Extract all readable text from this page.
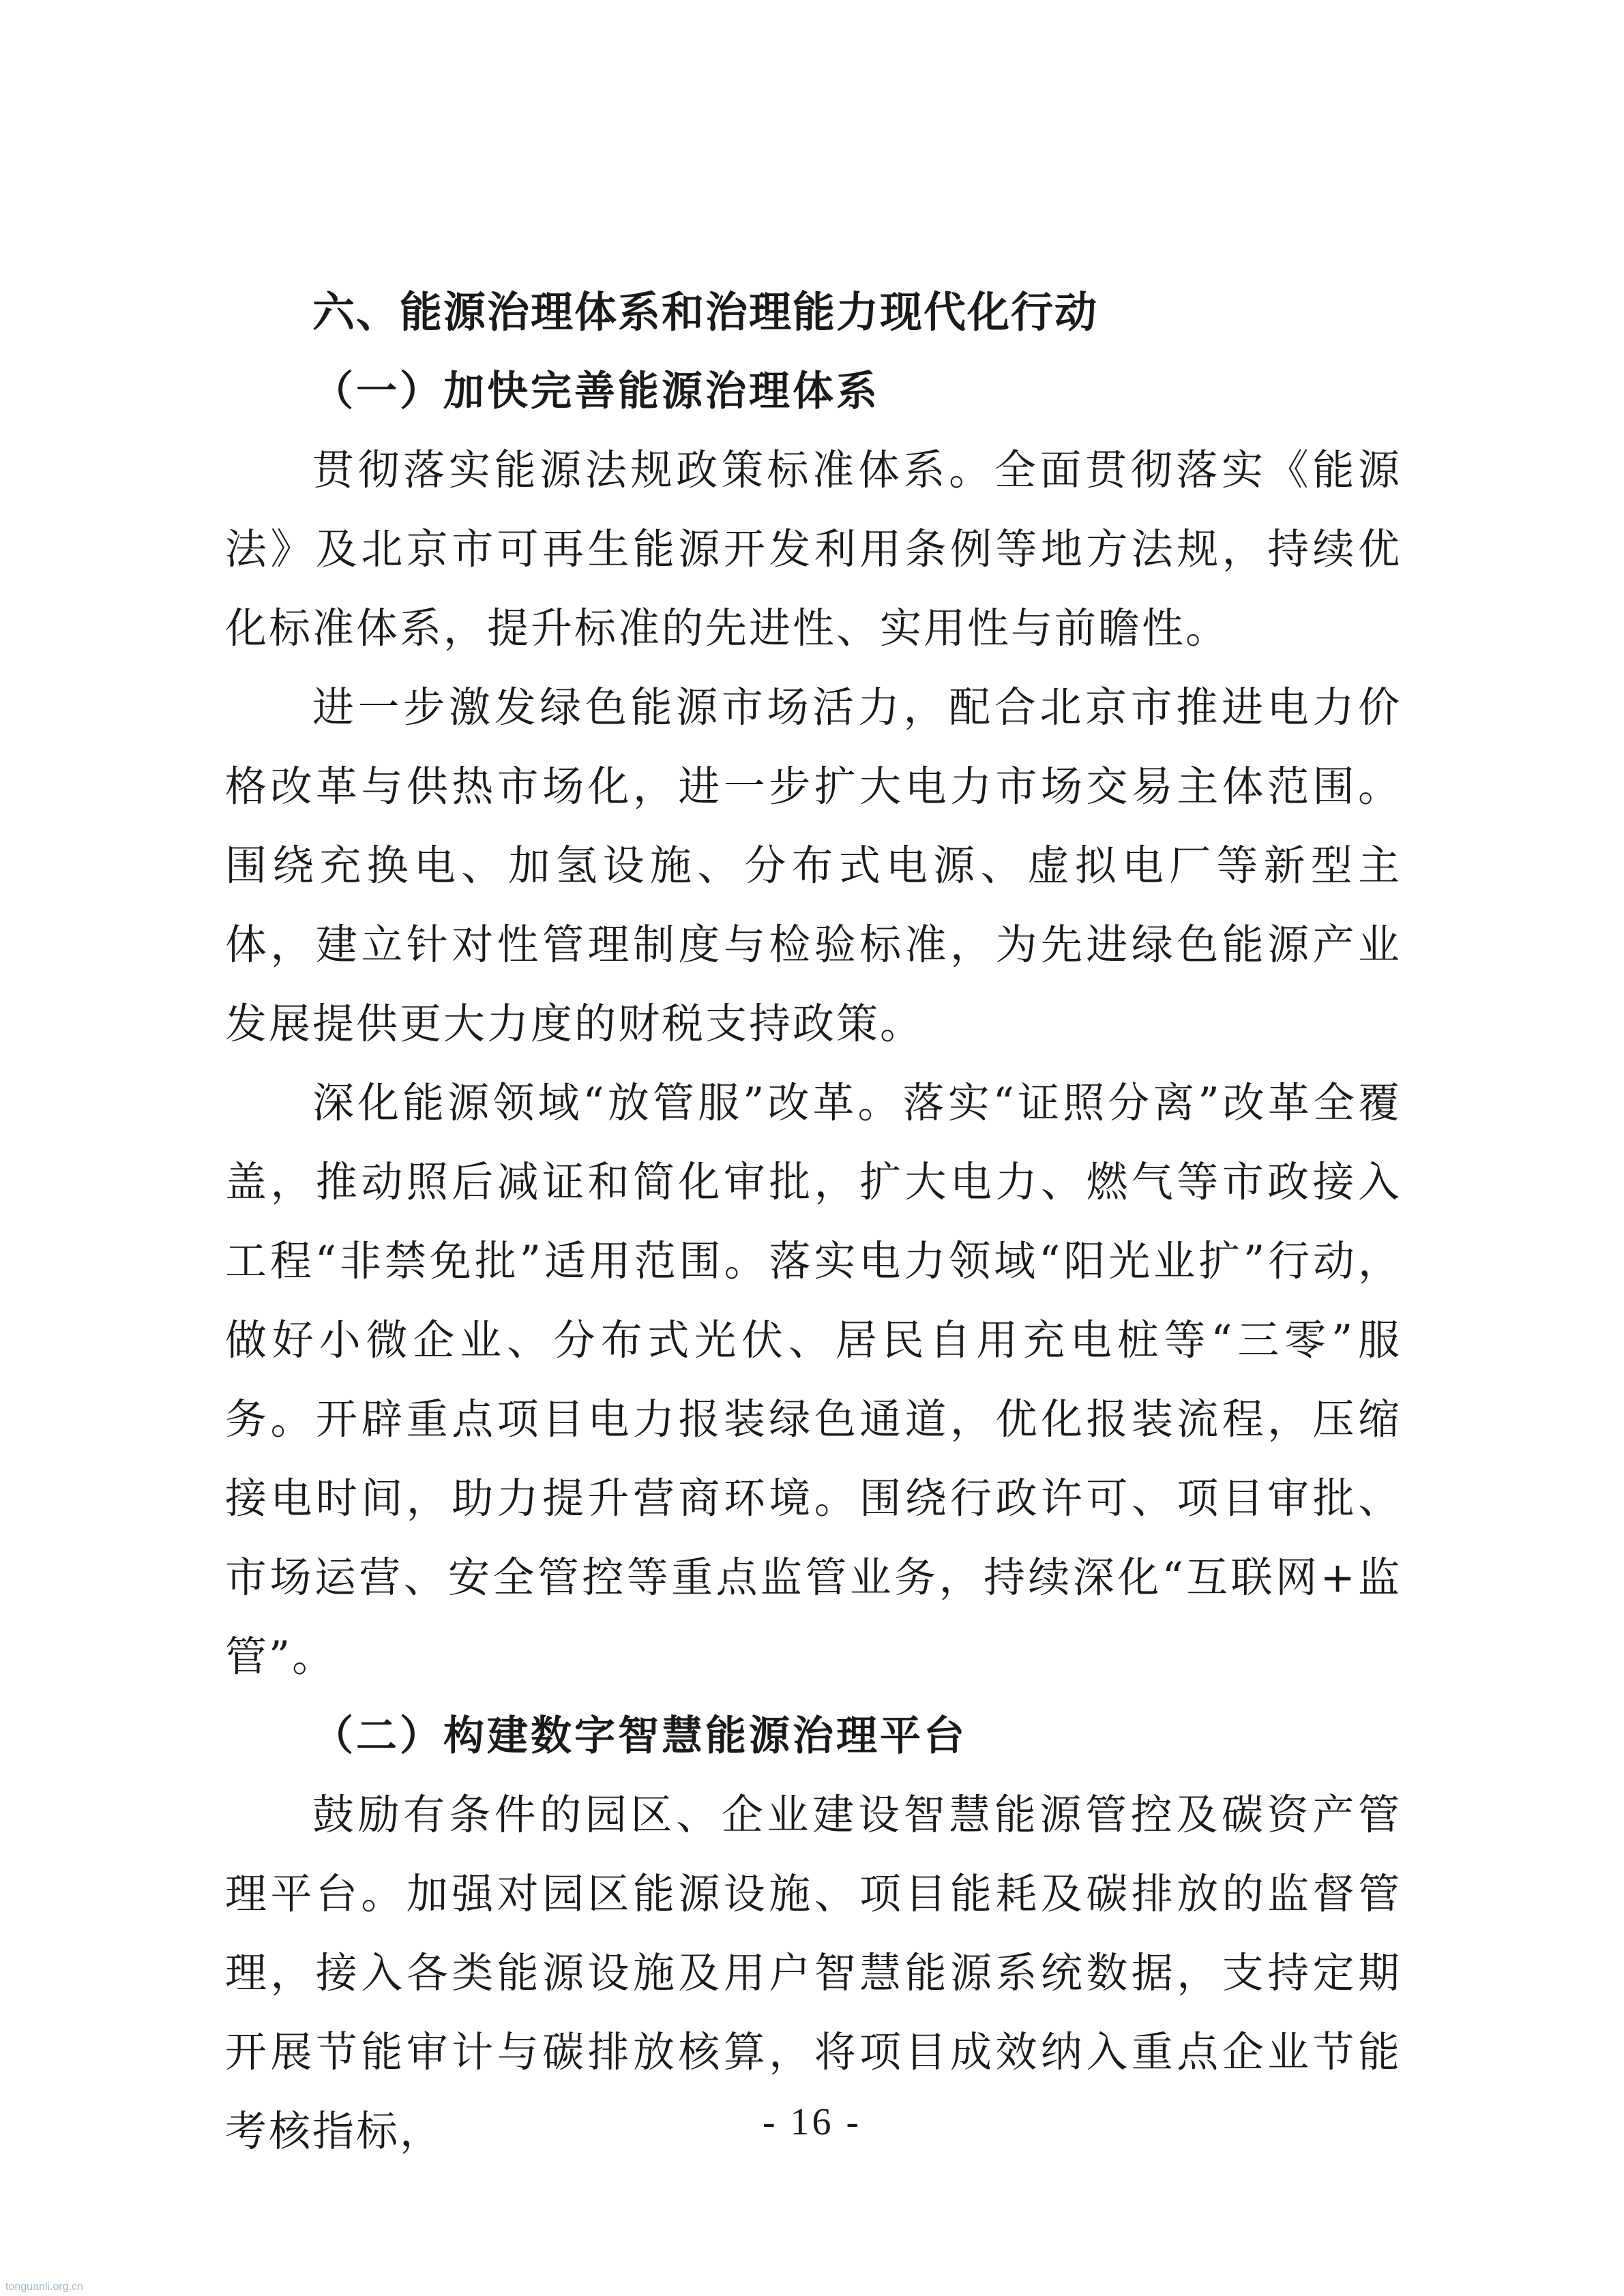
六、能源治理体系和治理能力现代化行动
（一）加快完善能源治理体系

贯彻落实能源法规政策标准体系。全面贯彻落实《能源法》及北京市可再生能源开发利用条例等地方法规，持续优化标准体系，提升标准的先进性、实用性与前瞻性。

进一步激发绿色能源市场活力，配合北京市推进电力价格改革与供热市场化，进一步扩大电力市场交易主体范围。围绕充换电、加氢设施、分布式电源、虚拟电厂等新型主体，建立针对性管理制度与检验标准，为先进绿色能源产业发展提供更大力度的财税支持政策。

深化能源领域“放管服”改革。落实“证照分离”改革全覆盖，推动照后减证和简化审批，扩大电力、燃气等市政接入工程“非禁免批”适用范围。落实电力领域“阳光业扩”行动，做好小微企业、分布式光伏、居民自用充电桩等“三零”服务。开辟重点项目电力报装绿色通道，优化报装流程，压缩接电时间，助力提升营商环境。围绕行政许可、项目审批、市场运营、安全管控等重点监管业务，持续深化“互联网+监管”。

（二）构建数字智慧能源治理平台

鼓励有条件的园区、企业建设智慧能源管控及碳资产管理平台。加强对园区能源设施、项目能耗及碳排放的监督管理，接入各类能源设施及用户智慧能源系统数据，支持定期开展节能审计与碳排放核算，将项目成效纳入重点企业节能考核指标，	- 16 -
tonguanli.org.cn
